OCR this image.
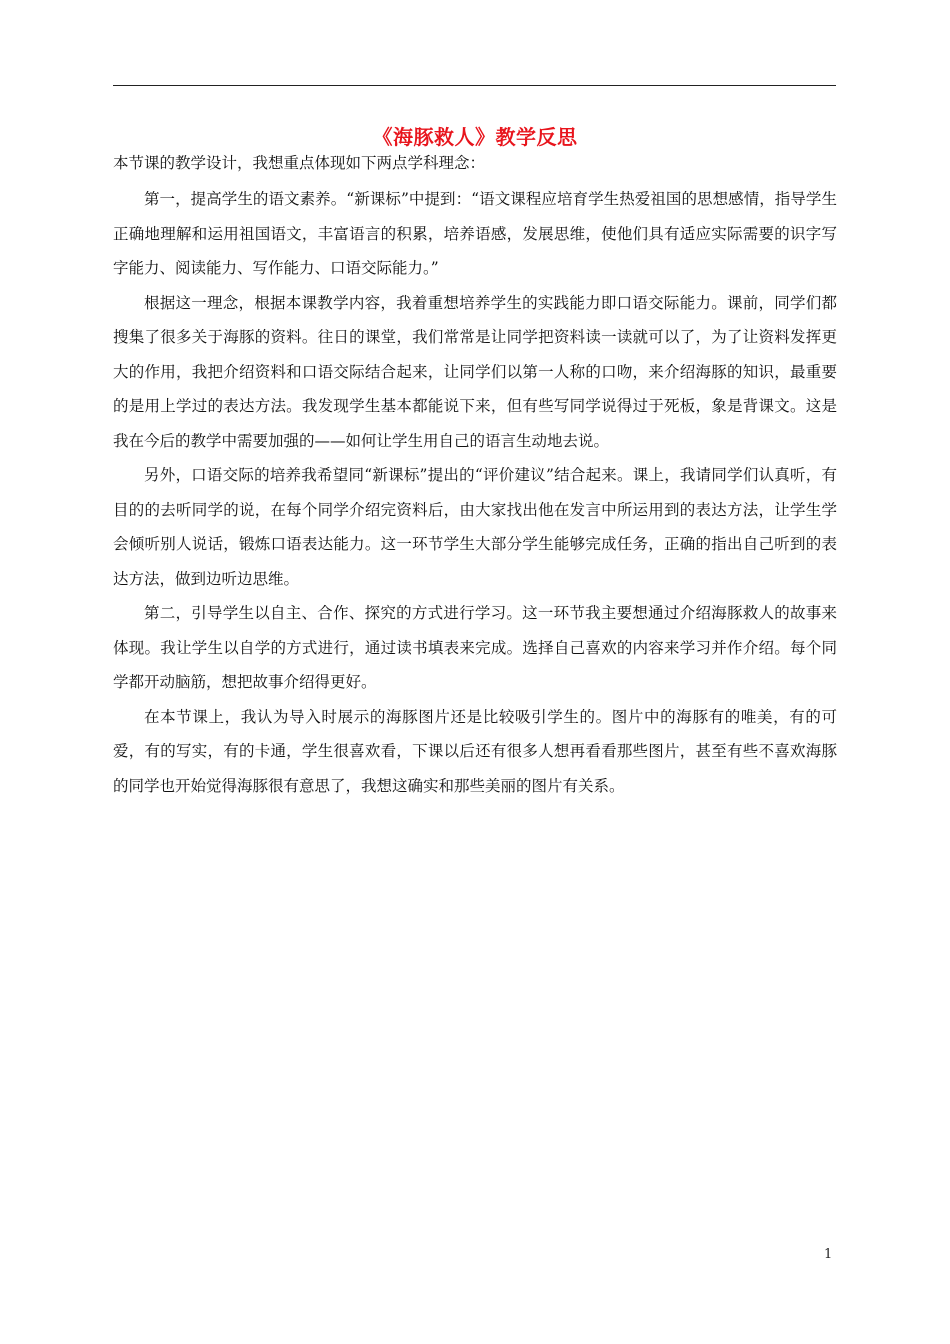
《海豚救人》教学反思

本节课的教学设计，我想重点体现如下两点学科理念：

第一，提高学生的语文素养。“新课标”中提到：“语文课程应培育学生热爱祖国的思想感情，指导学生正确地理解和运用祖国语文，丰富语言的积累，培养语感，发展思维，使他们具有适应实际需要的识字写字能力、阅读能力、写作能力、口语交际能力。”

根据这一理念，根据本课教学内容，我着重想培养学生的实践能力即口语交际能力。课前，同学们都搜集了很多关于海豚的资料。往日的课堂，我们常常是让同学把资料读一读就可以了，为了让资料发挥更大的作用，我把介绍资料和口语交际结合起来，让同学们以第一人称的口吻，来介绍海豚的知识，最重要的是用上学过的表达方法。我发现学生基本都能说下来，但有些写同学说得过于死板，象是背课文。这是我在今后的教学中需要加强的——如何让学生用自己的语言生动地去说。

另外，口语交际的培养我希望同“新课标”提出的“评价建议”结合起来。课上，我请同学们认真听，有目的的去听同学的说，在每个同学介绍完资料后，由大家找出他在发言中所运用到的表达方法，让学生学会倾听别人说话，锻炼口语表达能力。这一环节学生大部分学生能够完成任务，正确的指出自己听到的表达方法，做到边听边思维。

第二，引导学生以自主、合作、探究的方式进行学习。这一环节我主要想通过介绍海豚救人的故事来体现。我让学生以自学的方式进行，通过读书填表来完成。选择自己喜欢的内容来学习并作介绍。每个同学都开动脑筋，想把故事介绍得更好。

在本节课上，我认为导入时展示的海豚图片还是比较吸引学生的。图片中的海豚有的唯美，有的可爱，有的写实，有的卡通，学生很喜欢看，下课以后还有很多人想再看看那些图片，甚至有些不喜欢海豚的同学也开始觉得海豚很有意思了，我想这确实和那些美丽的图片有关系。

1
